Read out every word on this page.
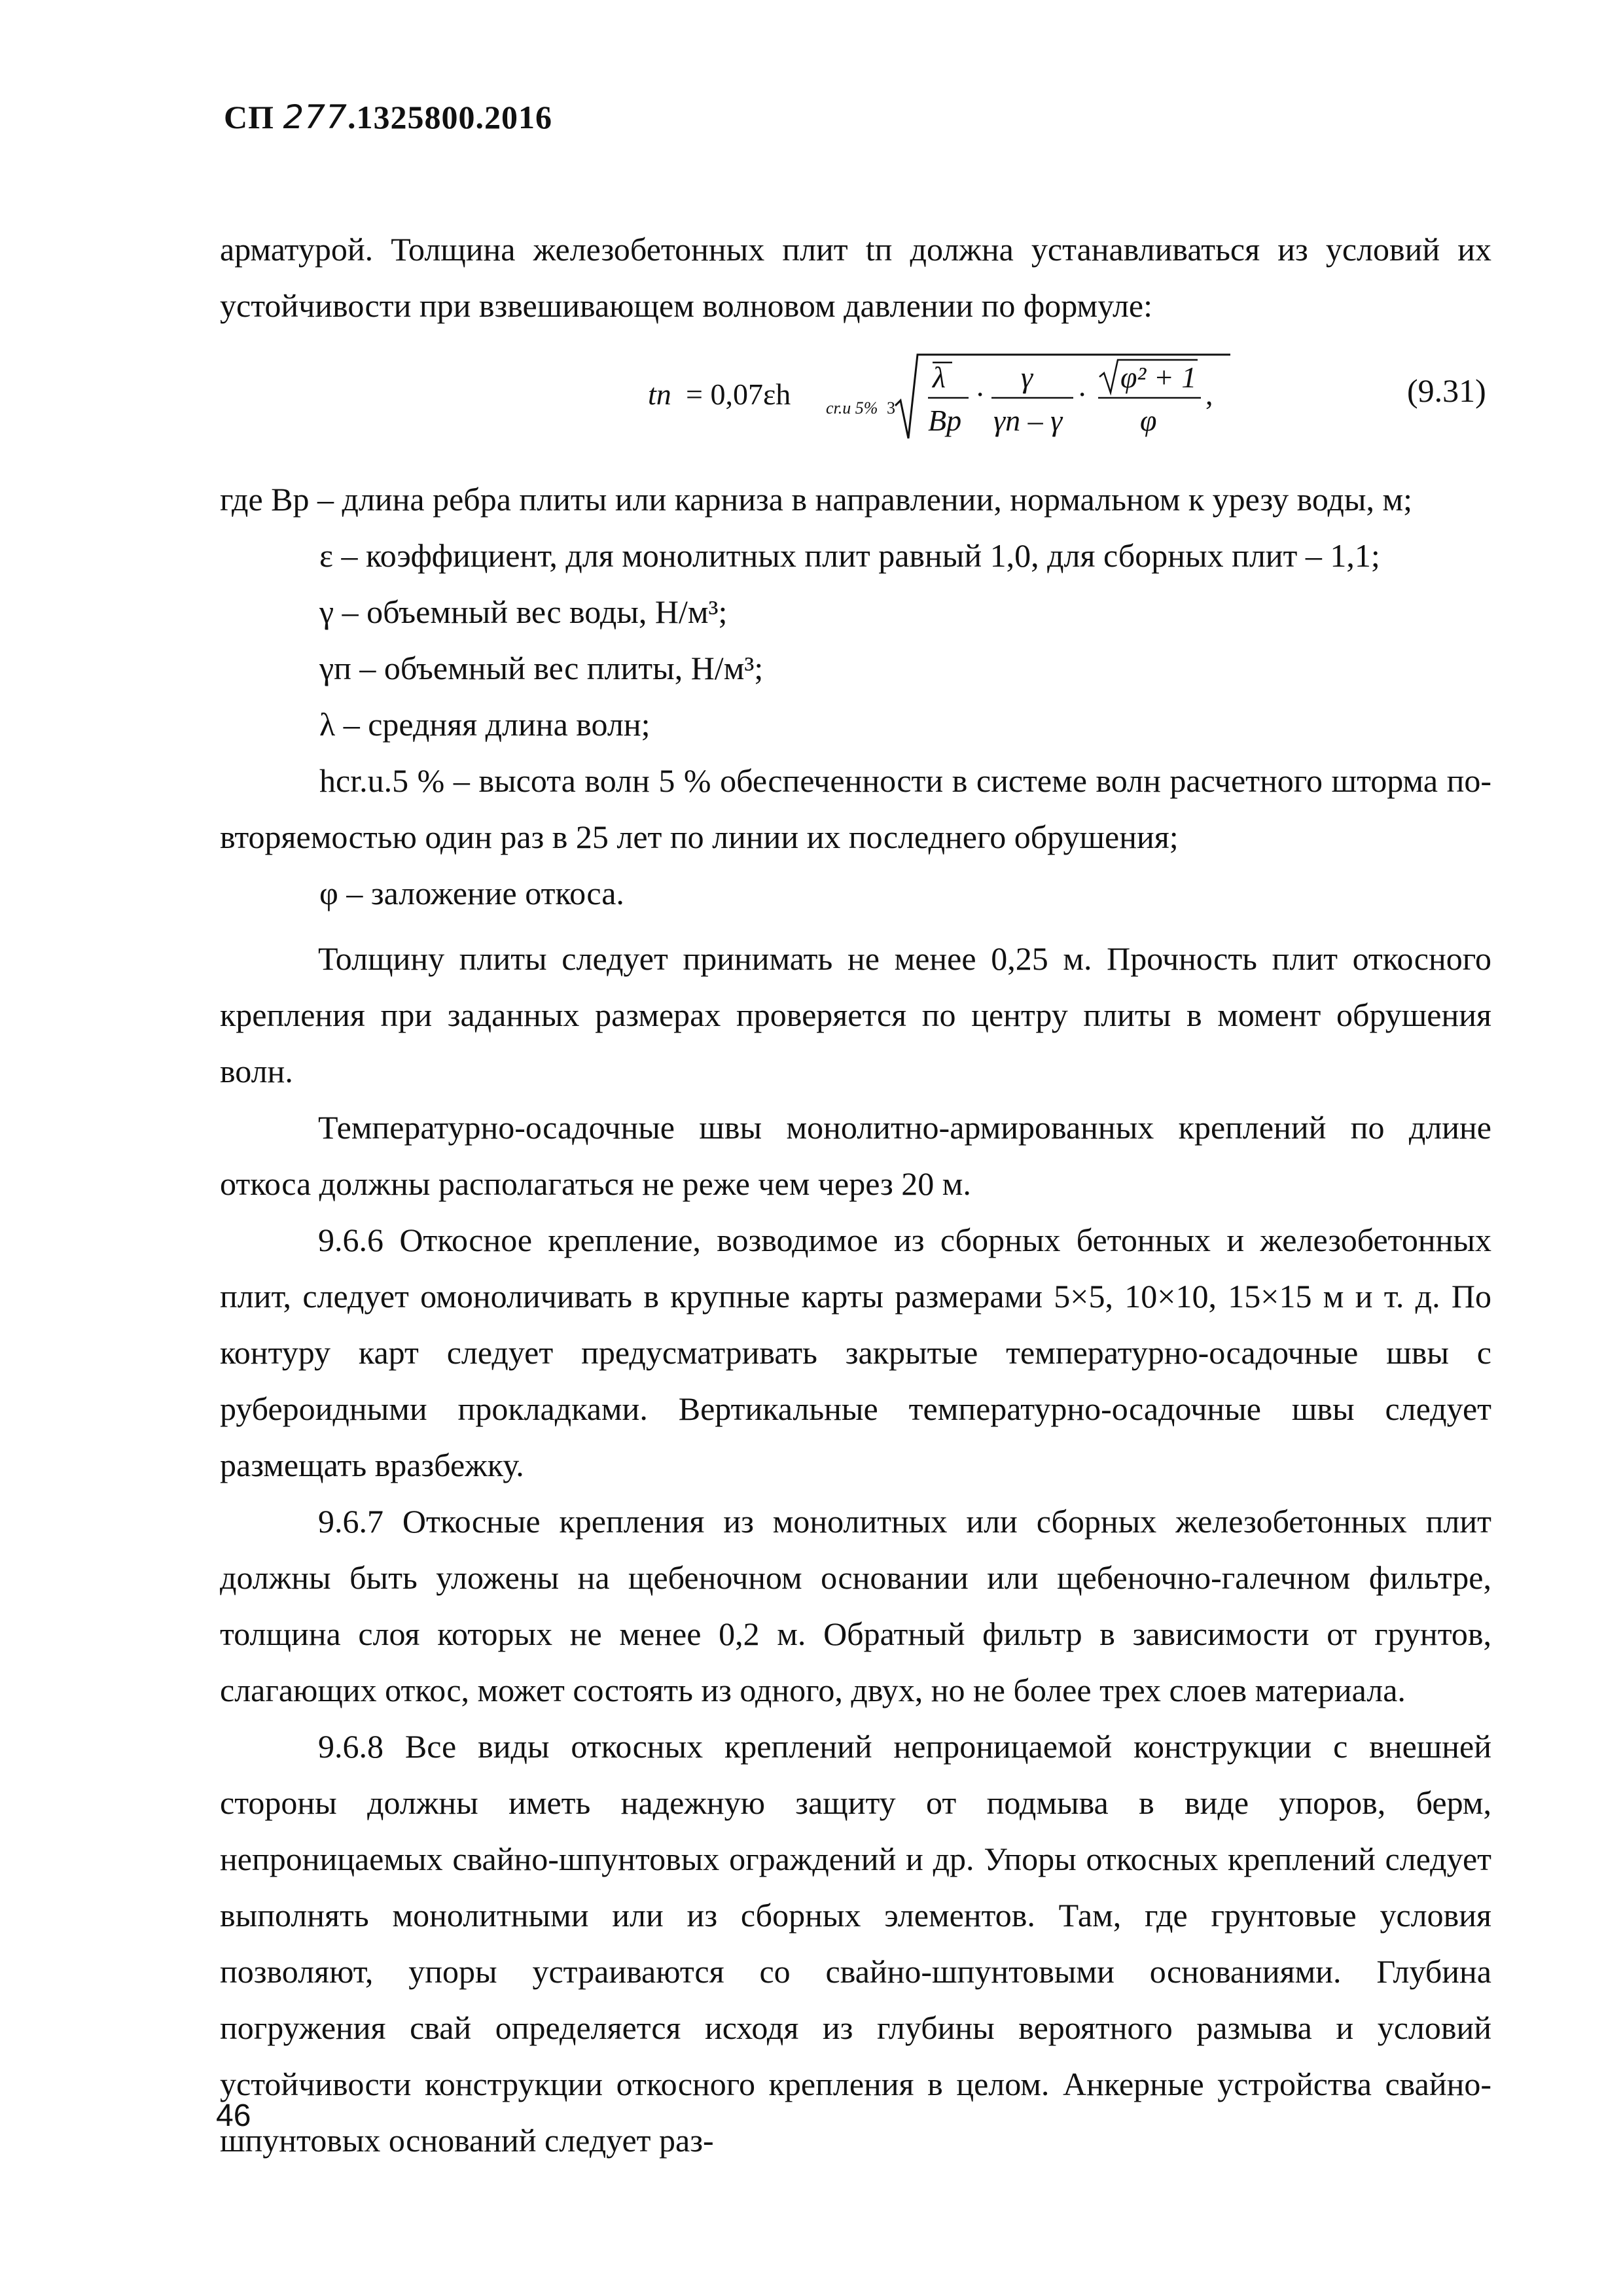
СП 277.1325800.2016
арматурой. Толщина железобетонных плит tп должна устанавливаться из условий их
устойчивости при взвешивающем волновом давлении по формуле:
tп = 0,07εh cr.u 5% 3
λ
Bp
·
γ
γп – γ
·
φ² + 1
φ
,	(9.31)
где Bp – длина ребра плиты или карниза в направлении, нормальном к урезу воды, м;
ε – коэффициент, для монолитных плит равный 1,0, для сборных плит – 1,1;
γ – объемный вес воды, Н/м³;
γп – объемный вес плиты, Н/м³;
λ – средняя длина волн;
hcr.u.5 % – высота волн 5 % обеспеченности в системе волн расчетного шторма по-
вторяемостью один раз в 25 лет по линии их последнего обрушения;
φ – заложение откоса.

Толщину плиты следует принимать не менее 0,25 м. Прочность плит откосного крепления при заданных размерах проверяется по центру плиты в момент обрушения волн.

Температурно-осадочные швы монолитно-армированных креплений по длине откоса должны располагаться не реже чем через 20 м.

9.6.6 Откосное крепление, возводимое из сборных бетонных и железобетонных плит, следует омоноличивать в крупные карты размерами 5×5, 10×10, 15×15 м и т. д. По контуру карт следует предусматривать закрытые температурно-осадочные швы с рубероидными прокладками. Вертикальные температурно-осадочные швы следует размещать вразбежку.

9.6.7 Откосные крепления из монолитных или сборных железобетонных плит должны быть уложены на щебеночном основании или щебеночно-галечном фильтре, толщина слоя которых не менее 0,2 м. Обратный фильтр в зависимости от грунтов, слагающих откос, может состоять из одного, двух, но не более трех слоев материала.

9.6.8 Все виды откосных креплений непроницаемой конструкции с внешней стороны должны иметь надежную защиту от подмыва в виде упоров, берм, непроницаемых свайно-шпунтовых ограждений и др. Упоры откосных креплений следует выполнять монолитными или из сборных элементов. Там, где грунтовые условия позволяют, упоры устраиваются со свайно-шпунтовыми основаниями. Глубина погружения свай определяется исходя из глубины вероятного размыва и условий устойчивости конструкции откосного крепления в целом. Анкерные устройства свайно-шпунтовых оснований следует раз-

46
